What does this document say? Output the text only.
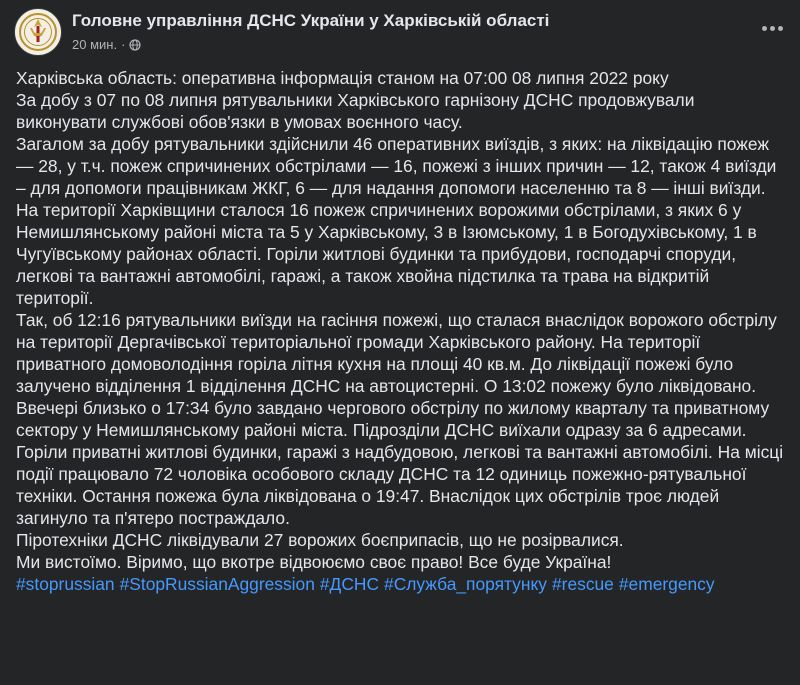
Головне управління ДСНС України у Харківській області
20 мин. ·

Харківська область: оперативна інформація станом на 07:00 08 липня 2022 року

За добу з 07 по 08 липня рятувальники Харківського гарнізону ДСНС продовжували виконувати службові обов'язки в умовах воєнного часу.

Загалом за добу рятувальники здійснили 46 оперативних виїздів, з яких: на ліквідацію пожеж — 28, у т.ч. пожеж спричинених обстрілами — 16, пожежі з інших причин — 12, також 4 виїзди – для допомоги працівникам ЖКГ, 6 — для надання допомоги населенню та 8 — інші виїзди.

На території Харківщини сталося 16 пожеж спричинених ворожими обстрілами, з яких 6 у Немишлянському районі міста та 5 у Харківському, 3 в Ізюмському, 1 в Богодухівському, 1 в Чугуївському районах області. Горіли житлові будинки та прибудови, господарчі споруди, легкові та вантажні автомобілі, гаражі, а також хвойна підстилка та трава на відкритій території.

Так, об 12:16 рятувальники виїзди на гасіння пожежі, що сталася внаслідок ворожого обстрілу на території Дергачівської територіальної громади Харківського району. На території приватного домоволодіння горіла літня кухня на площі 40 кв.м. До ліквідації пожежі було залучено відділення 1 відділення ДСНС на автоцистерні. О 13:02 пожежу було ліквідовано.

Ввечері близько о 17:34 було завдано чергового обстрілу по жилому кварталу та приватному сектору у Немишлянському районі міста. Підрозділи ДСНС виїхали одразу за 6 адресами. Горіли приватні житлові будинки, гаражі з надбудовою, легкові та вантажні автомобілі. На місці події працювало 72 чоловіка особового складу ДСНС та 12 одиниць пожежно-рятувальної техніки. Остання пожежа була ліквідована о 19:47. Внаслідок цих обстрілів троє людей загинуло та п'ятеро постраждало.

Піротехніки ДСНС ліквідували 27 ворожих боєприпасів, що не розірвалися.

Ми вистоїмо. Віримо, що вкотре відвоюємо своє право! Все буде Україна!

#stoprussian #StopRussianAggression #ДСНС #Служба_порятунку #rescue #emergency
